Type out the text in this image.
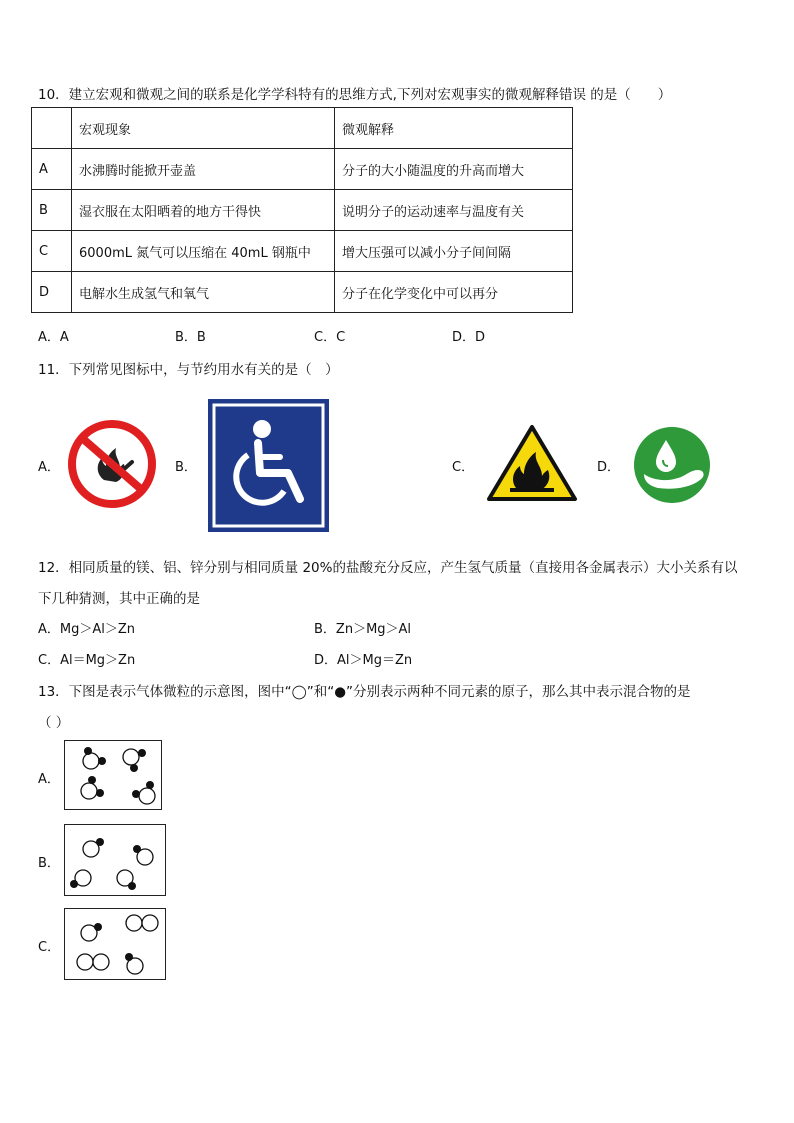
10．建立宏观和微观之间的联系是化学学科特有的思维方式,下列对宏观事实的微观解释错误 的是（　　）
	宏观现象	微观解释
A	水沸腾时能掀开壶盖	分子的大小随温度的升高而增大
B	湿衣服在太阳晒着的地方干得快	说明分子的运动速率与温度有关
C	6000mL 氮气可以压缩在 40mL 钢瓶中	增大压强可以减小分子间间隔
D	电解水生成氢气和氧气	分子在化学变化中可以再分
A．A	B．B	C．C	D．D
11．下列常见图标中，与节约用水有关的是（　）
A．	B．	C．	D．
12．相同质量的镁、铝、锌分别与相同质量 20%的盐酸充分反应，产生氢气质量（直接用各金属表示）大小关系有以
下几种猜测，其中正确的是
A．Mg＞Al＞Zn	B．Zn＞Mg＞Al
C．Al＝Mg＞Zn	D．Al＞Mg＝Zn
13．下图是表示气体微粒的示意图，图中“◯”和“●”分别表示两种不同元素的原子，那么其中表示混合物的是
（ ）
A．
B．
C．
